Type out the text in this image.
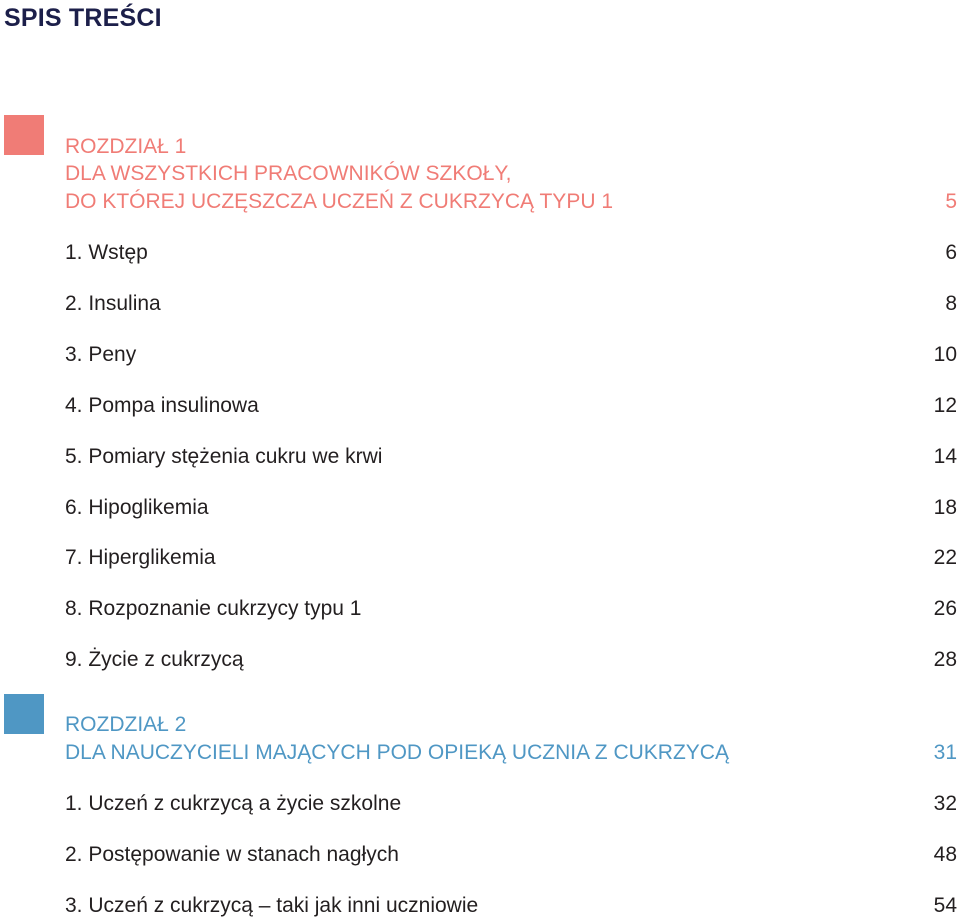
SPIS TREŚCI
ROZDZIAŁ 1
DLA WSZYSTKICH PRACOWNIKÓW SZKOŁY,
DO KTÓREJ UCZĘSZCZA UCZEŃ Z CUKRZYCĄ TYPU 1	5
1. Wstęp	6
2. Insulina	8
3. Peny	10
4. Pompa insulinowa	12
5. Pomiary stężenia cukru we krwi	14
6. Hipoglikemia	18
7. Hiperglikemia	22
8. Rozpoznanie cukrzycy typu 1	26
9. Życie z cukrzycą	28
ROZDZIAŁ 2
DLA NAUCZYCIELI MAJĄCYCH POD OPIEKĄ UCZNIA Z CUKRZYCĄ	31
1. Uczeń z cukrzycą a życie szkolne	32
2. Postępowanie w stanach nagłych	48
3. Uczeń z cukrzycą – taki jak inni uczniowie	54
